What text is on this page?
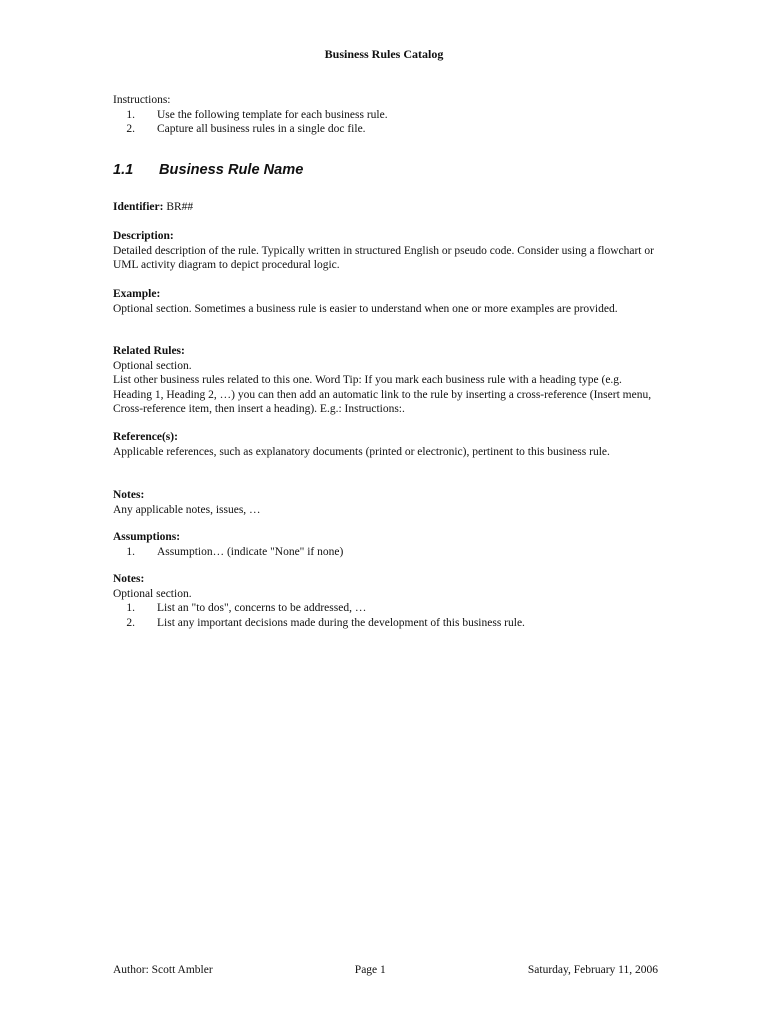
Business Rules Catalog
Instructions:
1.	Use the following template for each business rule.
2.	Capture all business rules in a single doc file.
1.1	Business Rule Name
Identifier: BR##
Description:
Detailed description of the rule. Typically written in structured English or pseudo code. Consider using a flowchart or UML activity diagram to depict procedural logic.
Example:
Optional section. Sometimes a business rule is easier to understand when one or more examples are provided.
Related Rules:
Optional section.
List other business rules related to this one. Word Tip: If you mark each business rule with a heading type (e.g. Heading 1, Heading 2, …) you can then add an automatic link to the rule by inserting a cross-reference (Insert menu, Cross-reference item, then insert a heading). E.g.: Instructions:.
Reference(s):
Applicable references, such as explanatory documents (printed or electronic), pertinent to this business rule.
Notes:
Any applicable notes, issues, …
Assumptions:
1.	Assumption… (indicate "None" if none)
Notes:
Optional section.
1.	List an "to dos", concerns to be addressed, …
2.	List any important decisions made during the development of this business rule.
Author: Scott Ambler	Page 1	Saturday, February 11, 2006
